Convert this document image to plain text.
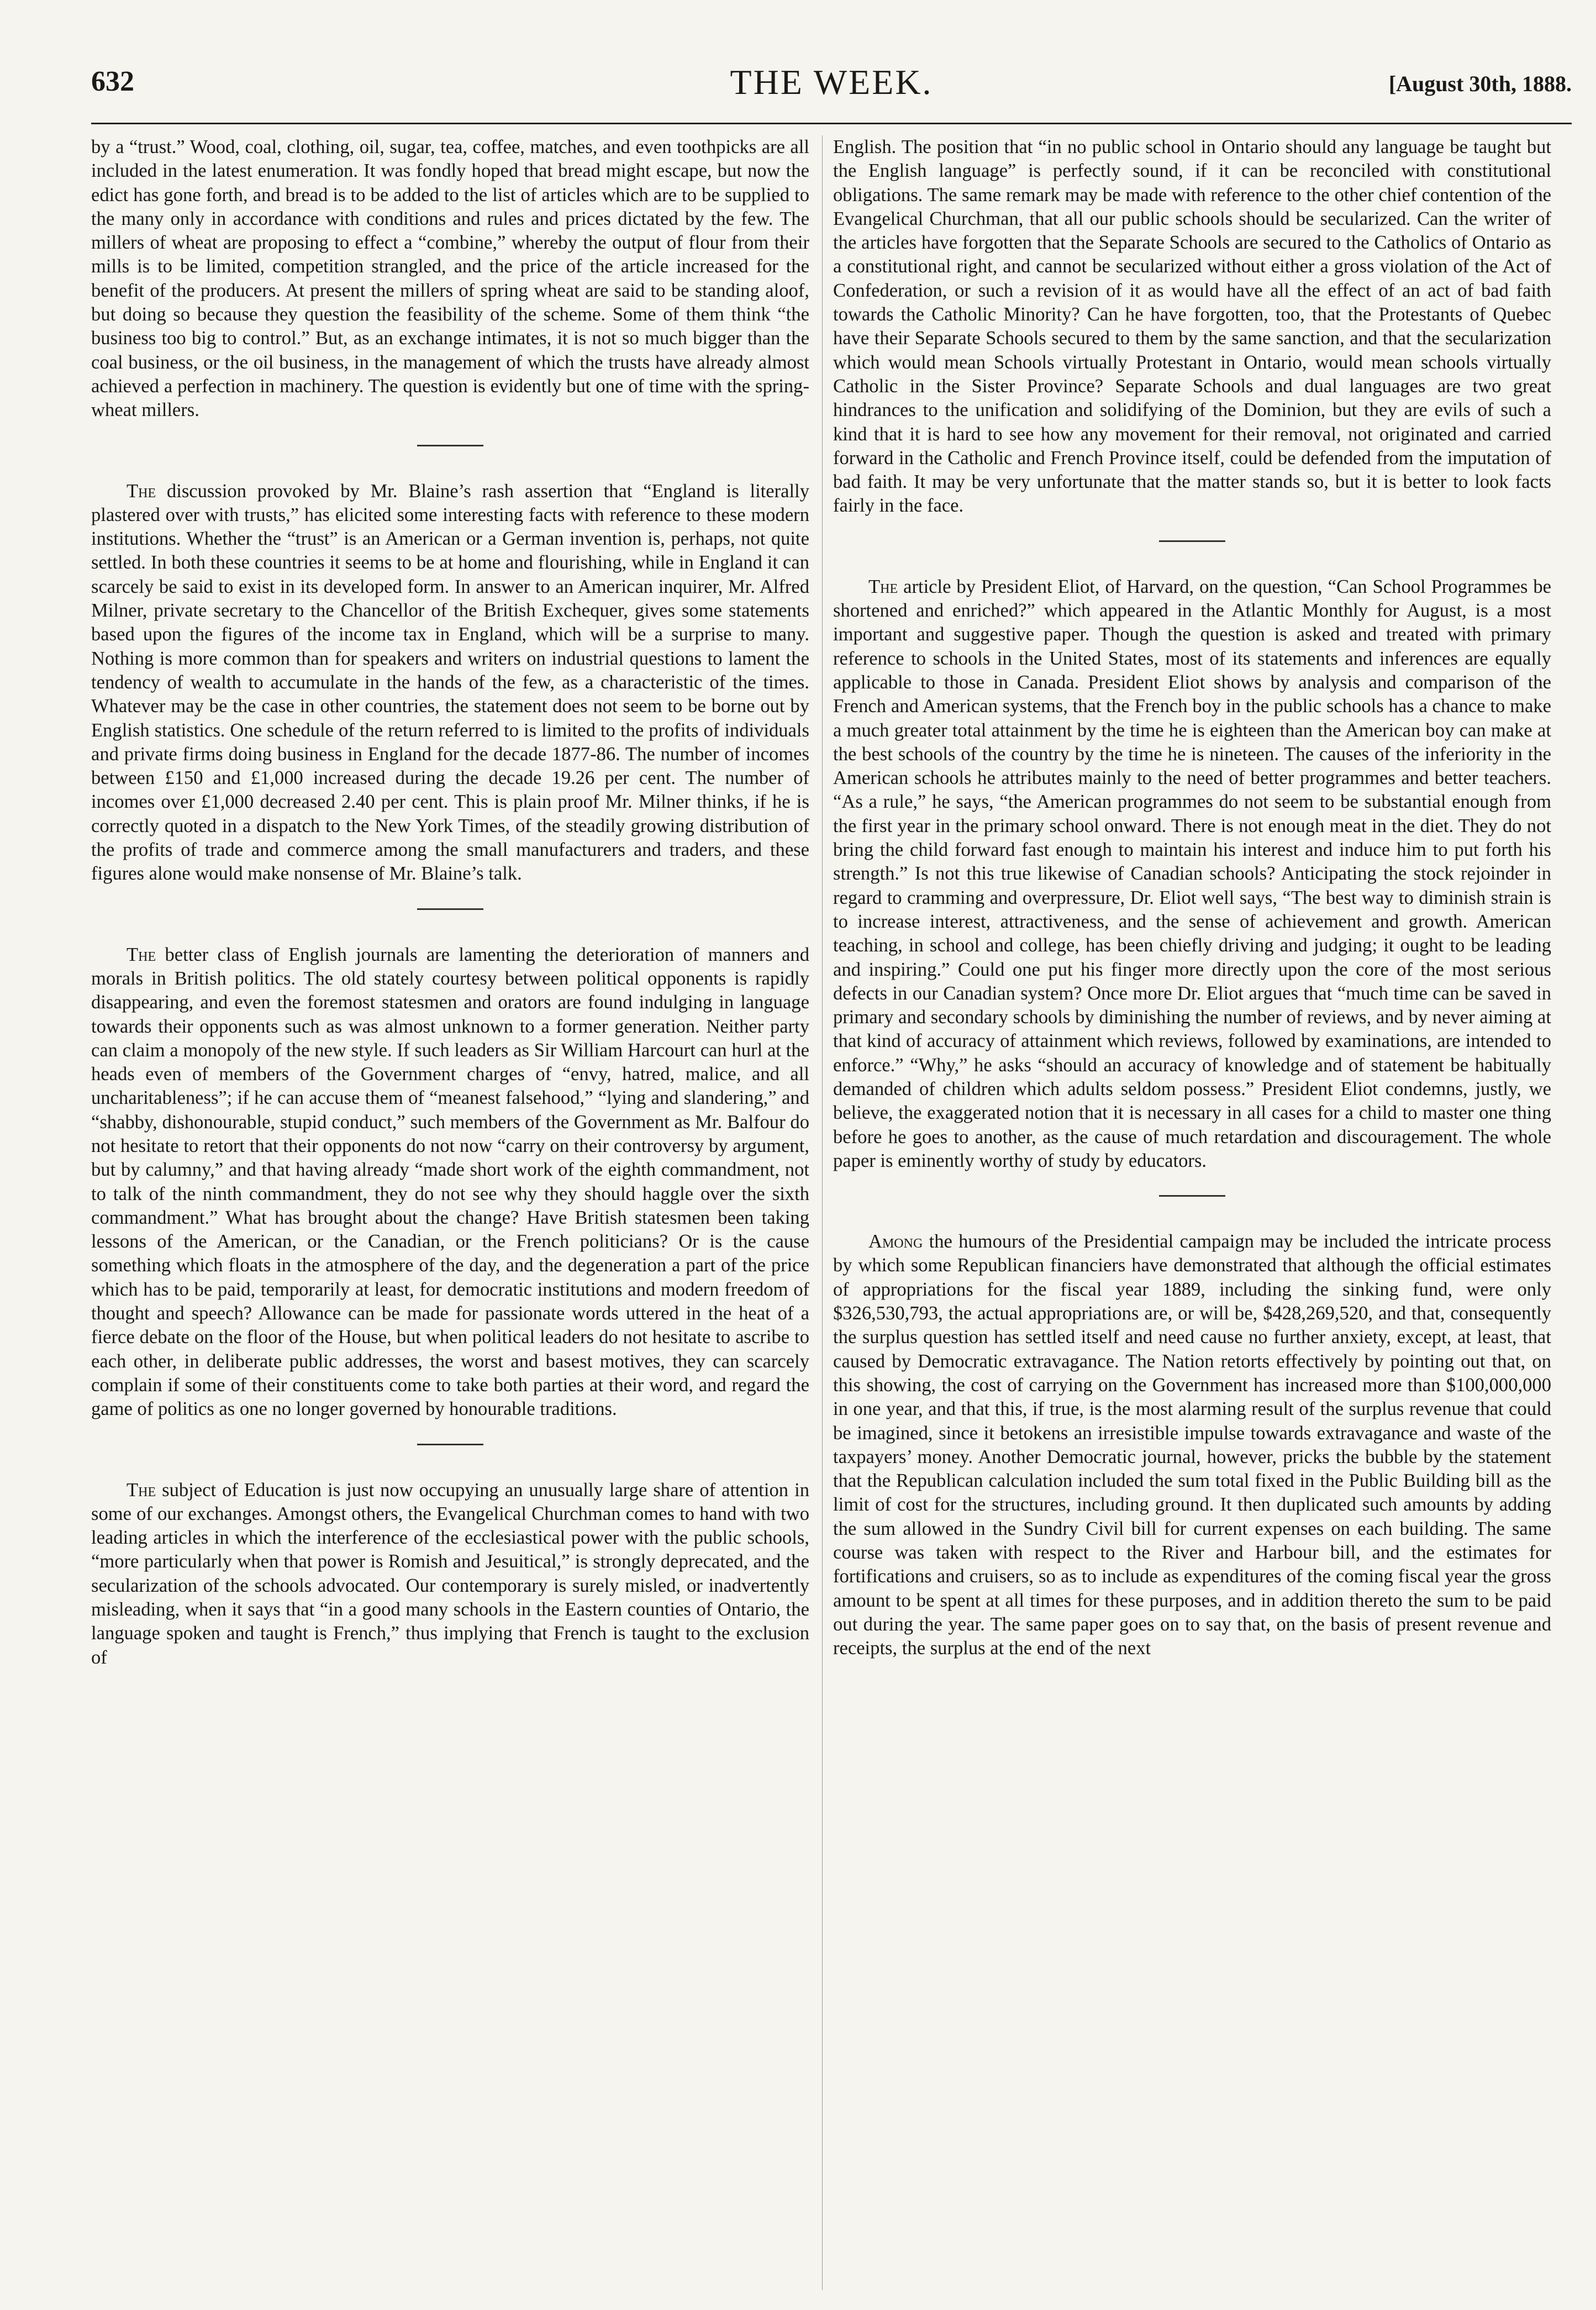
632	THE WEEK.	[August 30th, 1888.

by a “trust.” Wood, coal, clothing, oil, sugar, tea, coffee, matches, and even toothpicks are all included in the latest enumeration. It was fondly hoped that bread might escape, but now the edict has gone forth, and bread is to be added to the list of articles which are to be supplied to the many only in accordance with conditions and rules and prices dictated by the few. The millers of wheat are proposing to effect a “combine,” whereby the output of flour from their mills is to be limited, competition strangled, and the price of the article increased for the benefit of the producers. At present the millers of spring wheat are said to be standing aloof, but doing so because they question the feasibility of the scheme. Some of them think “the business too big to control.” But, as an exchange intimates, it is not so much bigger than the coal business, or the oil business, in the management of which the trusts have already almost achieved a perfection in machinery. The question is evidently but one of time with the spring-wheat millers.

The discussion provoked by Mr. Blaine’s rash assertion that “England is literally plastered over with trusts,” has elicited some interesting facts with reference to these modern institutions. Whether the “trust” is an American or a German invention is, perhaps, not quite settled. In both these countries it seems to be at home and flourishing, while in England it can scarcely be said to exist in its developed form. In answer to an American inquirer, Mr. Alfred Milner, private secretary to the Chancellor of the British Exchequer, gives some statements based upon the figures of the income tax in England, which will be a surprise to many. Nothing is more common than for speakers and writers on industrial questions to lament the tendency of wealth to accumulate in the hands of the few, as a characteristic of the times. Whatever may be the case in other countries, the statement does not seem to be borne out by English statistics. One schedule of the return referred to is limited to the profits of individuals and private firms doing business in England for the decade 1877-86. The number of incomes between £150 and £1,000 increased during the decade 19.26 per cent. The number of incomes over £1,000 decreased 2.40 per cent. This is plain proof Mr. Milner thinks, if he is correctly quoted in a dispatch to the New York Times, of the steadily growing distribution of the profits of trade and commerce among the small manufacturers and traders, and these figures alone would make nonsense of Mr. Blaine’s talk.

The better class of English journals are lamenting the deterioration of manners and morals in British politics. The old stately courtesy between political opponents is rapidly disappearing, and even the foremost statesmen and orators are found indulging in language towards their opponents such as was almost unknown to a former generation. Neither party can claim a monopoly of the new style. If such leaders as Sir William Harcourt can hurl at the heads even of members of the Government charges of “envy, hatred, malice, and all uncharitableness”; if he can accuse them of “meanest falsehood,” “lying and slandering,” and “shabby, dishonourable, stupid conduct,” such members of the Government as Mr. Balfour do not hesitate to retort that their opponents do not now “carry on their controversy by argument, but by calumny,” and that having already “made short work of the eighth commandment, not to talk of the ninth commandment, they do not see why they should haggle over the sixth commandment.” What has brought about the change? Have British statesmen been taking lessons of the American, or the Canadian, or the French politicians? Or is the cause something which floats in the atmosphere of the day, and the degeneration a part of the price which has to be paid, temporarily at least, for democratic institutions and modern freedom of thought and speech? Allowance can be made for passionate words uttered in the heat of a fierce debate on the floor of the House, but when political leaders do not hesitate to ascribe to each other, in deliberate public addresses, the worst and basest motives, they can scarcely complain if some of their constituents come to take both parties at their word, and regard the game of politics as one no longer governed by honourable traditions.

The subject of Education is just now occupying an unusually large share of attention in some of our exchanges. Amongst others, the Evangelical Churchman comes to hand with two leading articles in which the interference of the ecclesiastical power with the public schools, “more particularly when that power is Romish and Jesuitical,” is strongly deprecated, and the secularization of the schools advocated. Our contemporary is surely misled, or inadvertently misleading, when it says that “in a good many schools in the Eastern counties of Ontario, the language spoken and taught is French,” thus implying that French is taught to the exclusion of

English. The position that “in no public school in Ontario should any language be taught but the English language” is perfectly sound, if it can be reconciled with constitutional obligations. The same remark may be made with reference to the other chief contention of the Evangelical Churchman, that all our public schools should be secularized. Can the writer of the articles have forgotten that the Separate Schools are secured to the Catholics of Ontario as a constitutional right, and cannot be secularized without either a gross violation of the Act of Confederation, or such a revision of it as would have all the effect of an act of bad faith towards the Catholic Minority? Can he have forgotten, too, that the Protestants of Quebec have their Separate Schools secured to them by the same sanction, and that the secularization which would mean Schools virtually Protestant in Ontario, would mean schools virtually Catholic in the Sister Province? Separate Schools and dual languages are two great hindrances to the unification and solidifying of the Dominion, but they are evils of such a kind that it is hard to see how any movement for their removal, not originated and carried forward in the Catholic and French Province itself, could be defended from the imputation of bad faith. It may be very unfortunate that the matter stands so, but it is better to look facts fairly in the face.

The article by President Eliot, of Harvard, on the question, “Can School Programmes be shortened and enriched?” which appeared in the Atlantic Monthly for August, is a most important and suggestive paper. Though the question is asked and treated with primary reference to schools in the United States, most of its statements and inferences are equally applicable to those in Canada. President Eliot shows by analysis and comparison of the French and American systems, that the French boy in the public schools has a chance to make a much greater total attainment by the time he is eighteen than the American boy can make at the best schools of the country by the time he is nineteen. The causes of the inferiority in the American schools he attributes mainly to the need of better programmes and better teachers. “As a rule,” he says, “the American programmes do not seem to be substantial enough from the first year in the primary school onward. There is not enough meat in the diet. They do not bring the child forward fast enough to maintain his interest and induce him to put forth his strength.” Is not this true likewise of Canadian schools? Anticipating the stock rejoinder in regard to cramming and overpressure, Dr. Eliot well says, “The best way to diminish strain is to increase interest, attractiveness, and the sense of achievement and growth. American teaching, in school and college, has been chiefly driving and judging; it ought to be leading and inspiring.” Could one put his finger more directly upon the core of the most serious defects in our Canadian system? Once more Dr. Eliot argues that “much time can be saved in primary and secondary schools by diminishing the number of reviews, and by never aiming at that kind of accuracy of attainment which reviews, followed by examinations, are intended to enforce.” “Why,” he asks “should an accuracy of knowledge and of statement be habitually demanded of children which adults seldom possess.” President Eliot condemns, justly, we believe, the exaggerated notion that it is necessary in all cases for a child to master one thing before he goes to another, as the cause of much retardation and discouragement. The whole paper is eminently worthy of study by educators.

Among the humours of the Presidential campaign may be included the intricate process by which some Republican financiers have demonstrated that although the official estimates of appropriations for the fiscal year 1889, including the sinking fund, were only $326,530,793, the actual appropriations are, or will be, $428,269,520, and that, consequently the surplus question has settled itself and need cause no further anxiety, except, at least, that caused by Democratic extravagance. The Nation retorts effectively by pointing out that, on this showing, the cost of carrying on the Government has increased more than $100,000,000 in one year, and that this, if true, is the most alarming result of the surplus revenue that could be imagined, since it betokens an irresistible impulse towards extravagance and waste of the taxpayers’ money. Another Democratic journal, however, pricks the bubble by the statement that the Republican calculation included the sum total fixed in the Public Building bill as the limit of cost for the structures, including ground. It then duplicated such amounts by adding the sum allowed in the Sundry Civil bill for current expenses on each building. The same course was taken with respect to the River and Harbour bill, and the estimates for fortifications and cruisers, so as to include as expenditures of the coming fiscal year the gross amount to be spent at all times for these purposes, and in addition thereto the sum to be paid out during the year. The same paper goes on to say that, on the basis of present revenue and receipts, the surplus at the end of the next
